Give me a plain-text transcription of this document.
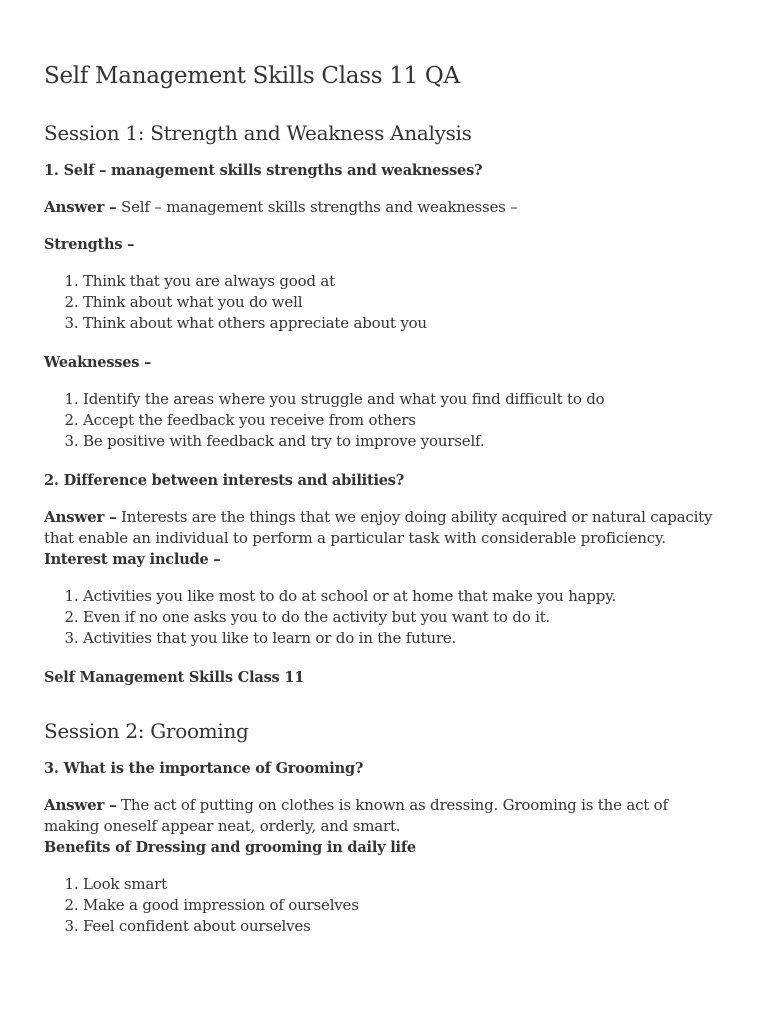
Self Management Skills Class 11 QA
Session 1: Strength and Weakness Analysis

1. Self – management skills strengths and weaknesses?

Answer – Self – management skills strengths and weaknesses –

Strengths –

1. Think that you are always good at
2. Think about what you do well
3. Think about what others appreciate about you

Weaknesses –

1. Identify the areas where you struggle and what you find difficult to do
2. Accept the feedback you receive from others
3. Be positive with feedback and try to improve yourself.

2. Difference between interests and abilities?

Answer – Interests are the things that we enjoy doing ability acquired or natural capacity that enable an individual to perform a particular task with considerable proficiency.

Interest may include –

1. Activities you like most to do at school or at home that make you happy.
2. Even if no one asks you to do the activity but you want to do it.
3. Activities that you like to learn or do in the future.

Self Management Skills Class 11

Session 2: Grooming

3. What is the importance of Grooming?

Answer – The act of putting on clothes is known as dressing. Grooming is the act of making oneself appear neat, orderly, and smart.

Benefits of Dressing and grooming in daily life

1. Look smart
2. Make a good impression of ourselves
3. Feel confident about ourselves
